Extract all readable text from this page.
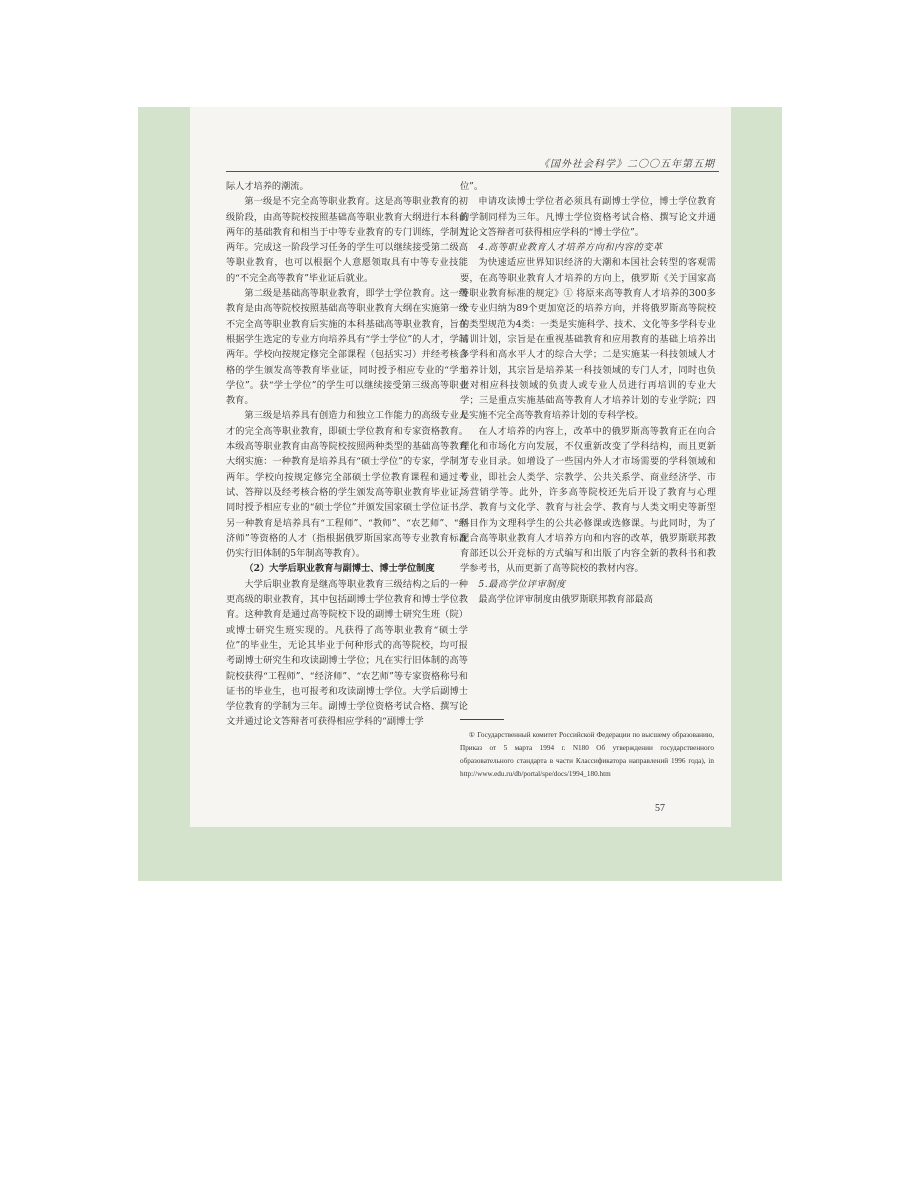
《国外社会科学》二〇〇五年第五期

际人才培养的潮流。

第一级是不完全高等职业教育。这是高等职业教育的初级阶段，由高等院校按照基础高等职业教育大纲进行本科前两年的基础教育和相当于中等专业教育的专门训练，学制为两年。完成这一阶段学习任务的学生可以继续接受第二级高等职业教育，也可以根据个人意愿领取具有中等专业技能的“不完全高等教育”毕业证后就业。

第二级是基础高等职业教育，即学士学位教育。这一级教育是由高等院校按照基础高等职业教育大纲在实施第一级不完全高等职业教育后实施的本科基础高等职业教育，旨在根据学生选定的专业方向培养具有“学士学位”的人才，学制两年。学校向按规定修完全部课程（包括实习）并经考核合格的学生颁发高等教育毕业证，同时授予相应专业的“学士学位”。获“学士学位”的学生可以继续接受第三级高等职业教育。

第三级是培养具有创造力和独立工作能力的高级专业人才的完全高等职业教育，即硕士学位教育和专家资格教育。本级高等职业教育由高等院校按照两种类型的基础高等教育大纲实施：一种教育是培养具有“硕士学位”的专家，学制为两年。学校向按规定修完全部硕士学位教育课程和通过考试、答辩以及经考核合格的学生颁发高等职业教育毕业证，同时授予相应专业的“硕士学位”并颁发国家硕士学位证书。另一种教育是培养具有“工程师”、“教师”、“农艺师”、“经济师”等资格的人才（指根据俄罗斯国家高等专业教育标准仍实行旧体制的5年制高等教育）。

（2）大学后职业教育与副博士、博士学位制度

大学后职业教育是继高等职业教育三级结构之后的一种更高级的职业教育，其中包括副博士学位教育和博士学位教育。这种教育是通过高等院校下设的副博士研究生班（院）或博士研究生班实现的。凡获得了高等职业教育“硕士学位”的毕业生，无论其毕业于何种形式的高等院校，均可报考副博士研究生和攻读副博士学位；凡在实行旧体制的高等院校获得“工程师”、“经济师”、“农艺师”等专家资格称号和证书的毕业生，也可报考和攻读副博士学位。大学后副博士学位教育的学制为三年。副博士学位资格考试合格、撰写论文并通过论文答辩者可获得相应学科的“副博士学

位”。

申请攻读博士学位者必须具有副博士学位，博士学位教育的学制同样为三年。凡博士学位资格考试合格、撰写论文并通过论文答辩者可获得相应学科的“博士学位”。

4.高等职业教育人才培养方向和内容的变革

为快速适应世界知识经济的大潮和本国社会转型的客观需要，在高等职业教育人才培养的方向上，俄罗斯《关于国家高等职业教育标准的规定》① 将原来高等教育人才培养的300多个专业归纳为89个更加宽泛的培养方向，并将俄罗斯高等院校的类型规范为4类：一类是实施科学、技术、文化等多学科专业培训计划，宗旨是在重视基础教育和应用教育的基础上培养出多学科和高水平人才的综合大学；二是实施某一科技领域人才培养计划，其宗旨是培养某一科技领域的专门人才，同时也负责对相应科技领域的负责人或专业人员进行再培训的专业大学；三是重点实施基础高等教育人才培养计划的专业学院；四是实施不完全高等教育培养计划的专科学校。

在人才培养的内容上，改革中的俄罗斯高等教育正在向合理化和市场化方向发展，不仅重新改变了学科结构，而且更新了专业目录。如增设了一些国内外人才市场需要的学科领域和专业，即社会人类学、宗教学、公共关系学、商业经济学、市场营销学等。此外，许多高等院校还先后开设了教育与心理学、教育与文化学、教育与社会学、教育与人类文明史等新型科目作为文理科学生的公共必修课或选修课。与此同时，为了配合高等职业教育人才培养方向和内容的改革，俄罗斯联邦教育部还以公开竞标的方式编写和出版了内容全新的教科书和教学参考书，从而更新了高等院校的教材内容。

5.最高学位评审制度

最高学位评审制度由俄罗斯联邦教育部最高

① Государственный комитет Российской Федерации по высшему образованию, Приказ от 5 марта 1994 г. N180 Об утверждении государственного образовательного стандарта в части Классификатора направлений 1996 года), in http://www.edu.ru/db/portal/spe/docs/1994_180.htm

57
